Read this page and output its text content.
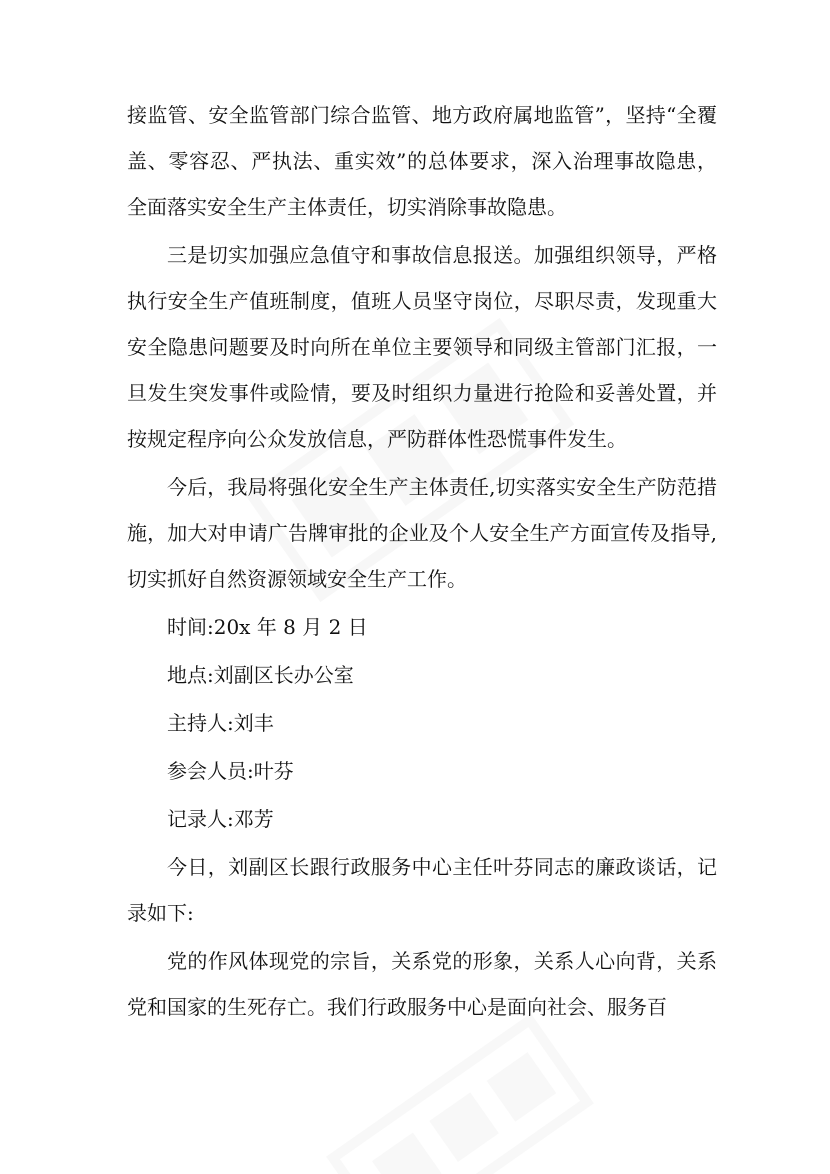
接监管、安全监管部门综合监管、地方政府属地监管”，坚持“全覆盖、零容忍、严执法、重实效”的总体要求，深入治理事故隐患，全面落实安全生产主体责任，切实消除事故隐患。

三是切实加强应急值守和事故信息报送。加强组织领导，严格执行安全生产值班制度，值班人员坚守岗位，尽职尽责，发现重大安全隐患问题要及时向所在单位主要领导和同级主管部门汇报，一旦发生突发事件或险情，要及时组织力量进行抢险和妥善处置，并按规定程序向公众发放信息，严防群体性恐慌事件发生。

今后，我局将强化安全生产主体责任,切实落实安全生产防范措施，加大对申请广告牌审批的企业及个人安全生产方面宣传及指导,切实抓好自然资源领域安全生产工作。

时间:20x 年 8 月 2 日

地点:刘副区长办公室

主持人:刘丰

参会人员:叶芬

记录人:邓芳

今日，刘副区长跟行政服务中心主任叶芬同志的廉政谈话，记录如下:

党的作风体现党的宗旨，关系党的形象，关系人心向背，关系党和国家的生死存亡。我们行政服务中心是面向社会、服务百
